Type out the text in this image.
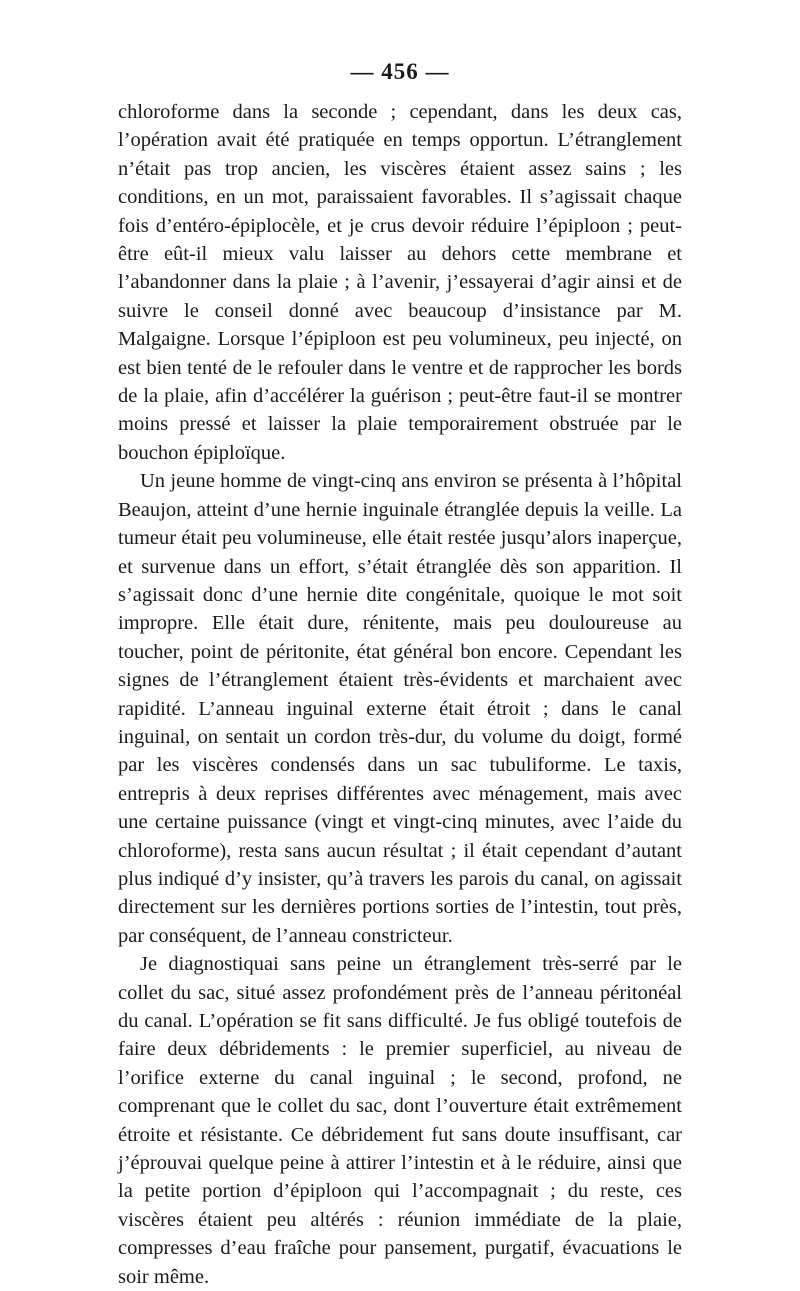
— 456 —

chloroforme dans la seconde ; cependant, dans les deux cas, l’opération avait été pratiquée en temps opportun. L’étranglement n’était pas trop ancien, les viscères étaient assez sains ; les conditions, en un mot, paraissaient favorables. Il s’agissait chaque fois d’entéro-épiplocèle, et je crus devoir réduire l’épiploon ; peut-être eût-il mieux valu laisser au dehors cette membrane et l’abandonner dans la plaie ; à l’avenir, j’essayerai d’agir ainsi et de suivre le conseil donné avec beaucoup d’insistance par M. Malgaigne. Lorsque l’épiploon est peu volumineux, peu injecté, on est bien tenté de le refouler dans le ventre et de rapprocher les bords de la plaie, afin d’accélérer la guérison ; peut-être faut-il se montrer moins pressé et laisser la plaie temporairement obstruée par le bouchon épiploïque.

Un jeune homme de vingt-cinq ans environ se présenta à l’hôpital Beaujon, atteint d’une hernie inguinale étranglée depuis la veille. La tumeur était peu volumineuse, elle était restée jusqu’alors inaperçue, et survenue dans un effort, s’était étranglée dès son apparition. Il s’agissait donc d’une hernie dite congénitale, quoique le mot soit impropre. Elle était dure, rénitente, mais peu douloureuse au toucher, point de péritonite, état général bon encore. Cependant les signes de l’étranglement étaient très-évidents et marchaient avec rapidité. L’anneau inguinal externe était étroit ; dans le canal inguinal, on sentait un cordon très-dur, du volume du doigt, formé par les viscères condensés dans un sac tubuliforme. Le taxis, entrepris à deux reprises différentes avec ménagement, mais avec une certaine puissance (vingt et vingt-cinq minutes, avec l’aide du chloroforme), resta sans aucun résultat ; il était cependant d’autant plus indiqué d’y insister, qu’à travers les parois du canal, on agissait directement sur les dernières portions sorties de l’intestin, tout près, par conséquent, de l’anneau constricteur.

Je diagnostiquai sans peine un étranglement très-serré par le collet du sac, situé assez profondément près de l’anneau péritonéal du canal. L’opération se fit sans difficulté. Je fus obligé toutefois de faire deux débridements : le premier superficiel, au niveau de l’orifice externe du canal inguinal ; le second, profond, ne comprenant que le collet du sac, dont l’ouverture était extrêmement étroite et résistante. Ce débridement fut sans doute insuffisant, car j’éprouvai quelque peine à attirer l’intestin et à le réduire, ainsi que la petite portion d’épiploon qui l’accompagnait ; du reste, ces viscères étaient peu altérés : réunion immédiate de la plaie, compresses d’eau fraîche pour pansement, purgatif, évacuations le soir même.
